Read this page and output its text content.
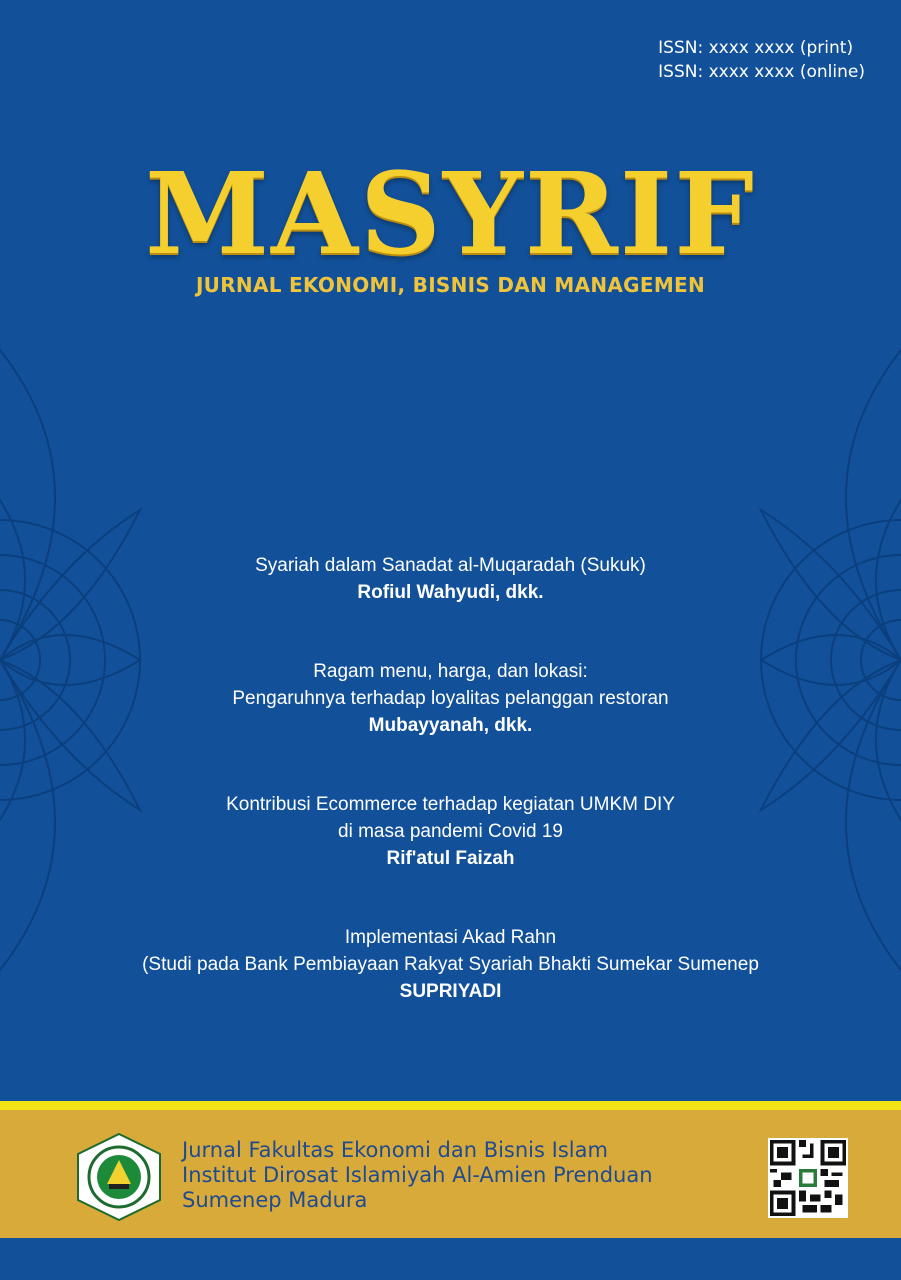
ISSN: xxxx xxxx (print)
ISSN: xxxx xxxx (online)
MASYRIF
JURNAL EKONOMI, BISNIS DAN MANAGEMEN
Syariah dalam Sanadat al-Muqaradah (Sukuk)
Rofiul Wahyudi, dkk.
Ragam menu, harga, dan lokasi:
Pengaruhnya terhadap loyalitas pelanggan restoran
Mubayyanah, dkk.
Kontribusi Ecommerce terhadap kegiatan UMKM DIY
di masa pandemi Covid 19
Rif'atul Faizah
Implementasi Akad Rahn
(Studi pada Bank Pembiayaan Rakyat Syariah Bhakti Sumekar Sumenep
SUPRIYADI
Jurnal Fakultas Ekonomi dan Bisnis Islam
Institut Dirosat Islamiyah Al-Amien Prenduan
Sumenep Madura
